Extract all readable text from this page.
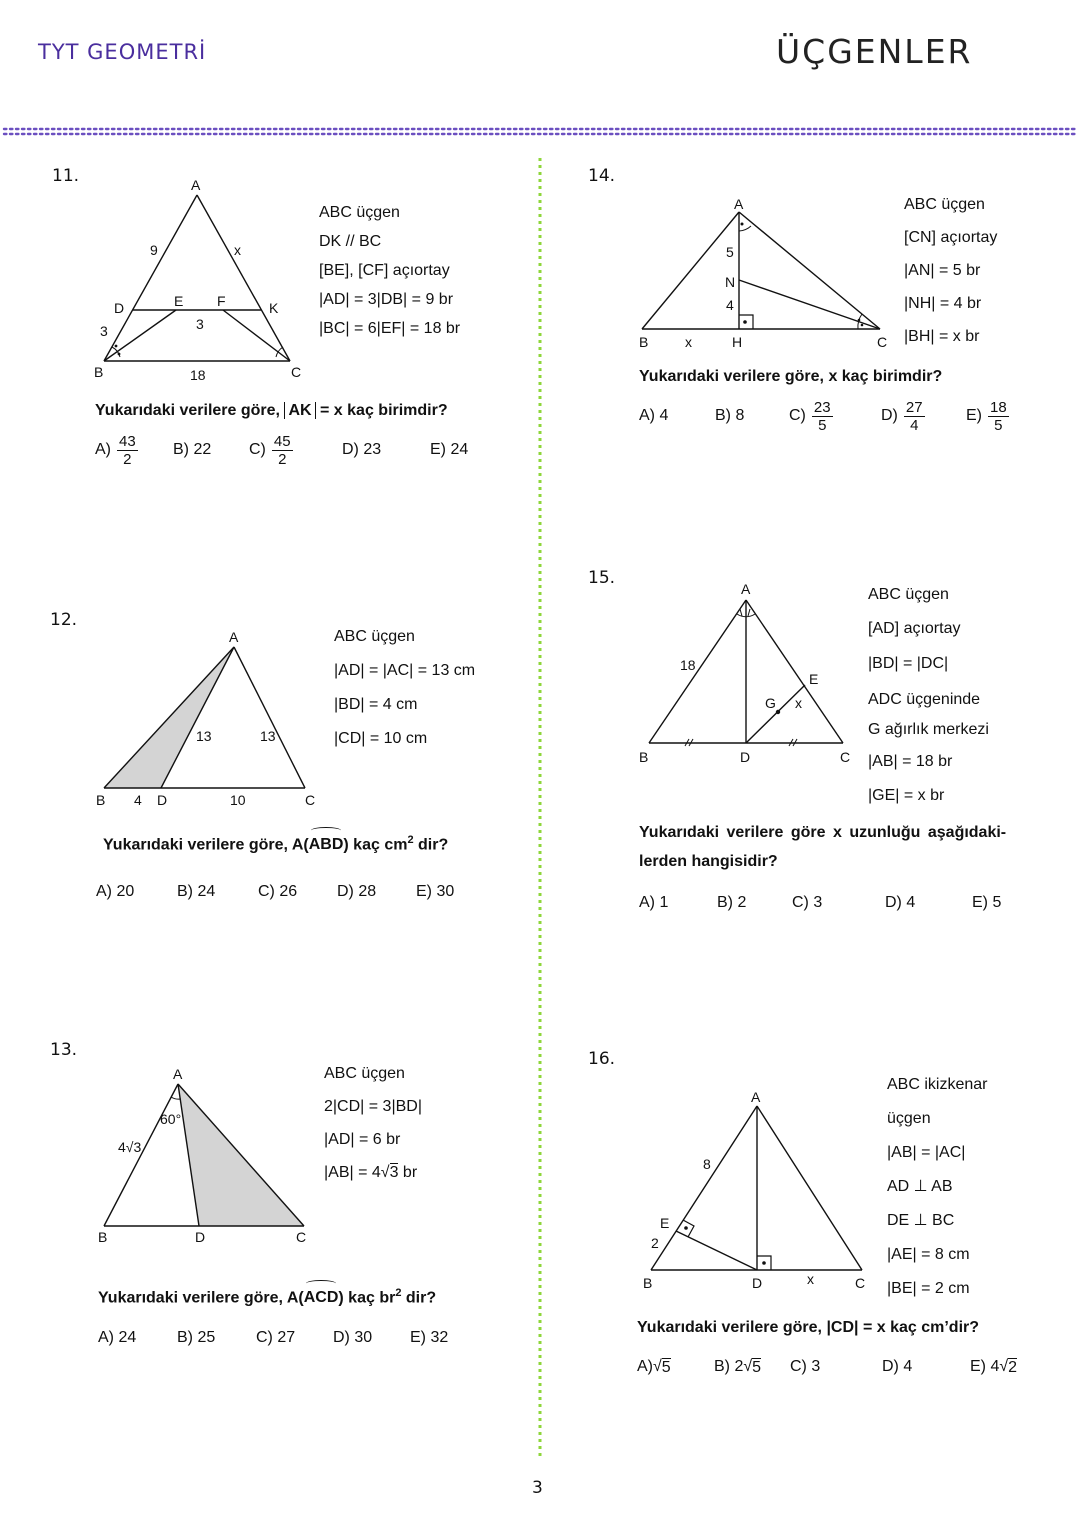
TYT GEOMETRİ	ÜÇGENLER
11.	A
B	C
D	E F	K
9	x
3	3
18
ABC üçgen
DK // BC
[BE], [CF] açıortay
|AD| = 3|DB| = 9 br
|BC| = 6|EF| = 18 br
Yukarıdaki verilere göre, AK = x kaç birimdir?
$A) \frac{43}{2} B$) 22 $C) \frac{45}{2}$	D) 23	E) 24
12.
A
B	D	C
13	13
4	10
ABC üçgen
|AD| = |AC| = 13 cm
|BD| = 4 cm
|CD| = 10 cm
Yukarıdaki verilere göre, A(ABD) kaç $cm^2$ dir?
A) 20	B) 24	C) 26 D) 28 E) 30
13.
A
B	D	C
4√3
60°
ABC üçgen
2|CD| = 3|BD|
|AD| = 6 br
|AB| = 4√3 br
Yukarıdaki verilere göre, A(ACD) kaç $br^2$ dir?
A) 24	B) 25	C) 27 D) 30 E) 32
14.
A
B	C
N
H
5
4
x
ABC üçgen
[CN] açıortay
|AN| = 5 br
|NH| = 4 br
|BH| = x br
Yukarıdaki verilere göre, x kaç birimdir?
A) 4	B) 8	$C) \frac{23}{5}$	$D) \frac{27}{4}$	$E) \frac{18}{5}$
15.
A
B	D	C
E
G
18
x
ABC üçgen
[AD] açıortay
|BD| = |DC|
ADC üçgeninde
G ağırlık merkezi
|AB| = 18 br
|GE| = x br
Yukarıdaki verilere göre x uzunluğu aşağıdaki-
lerden hangisidir?
A) 1	B) 2	C) 3	D) 4	E) 5
16.
A
B	D	C
E
8
2
x
ABC ikizkenar
üçgen
|AB| = |AC|
AD ⊥ AB
DE ⊥ BC
|AE| = 8 cm
|BE| = 2 cm
Yukarıdaki verilere göre, |CD| = x kaç cm’dir?
A) √ 5	B) 2 √ 5 C) 3	D) 4	E) 4 √ 2
3
